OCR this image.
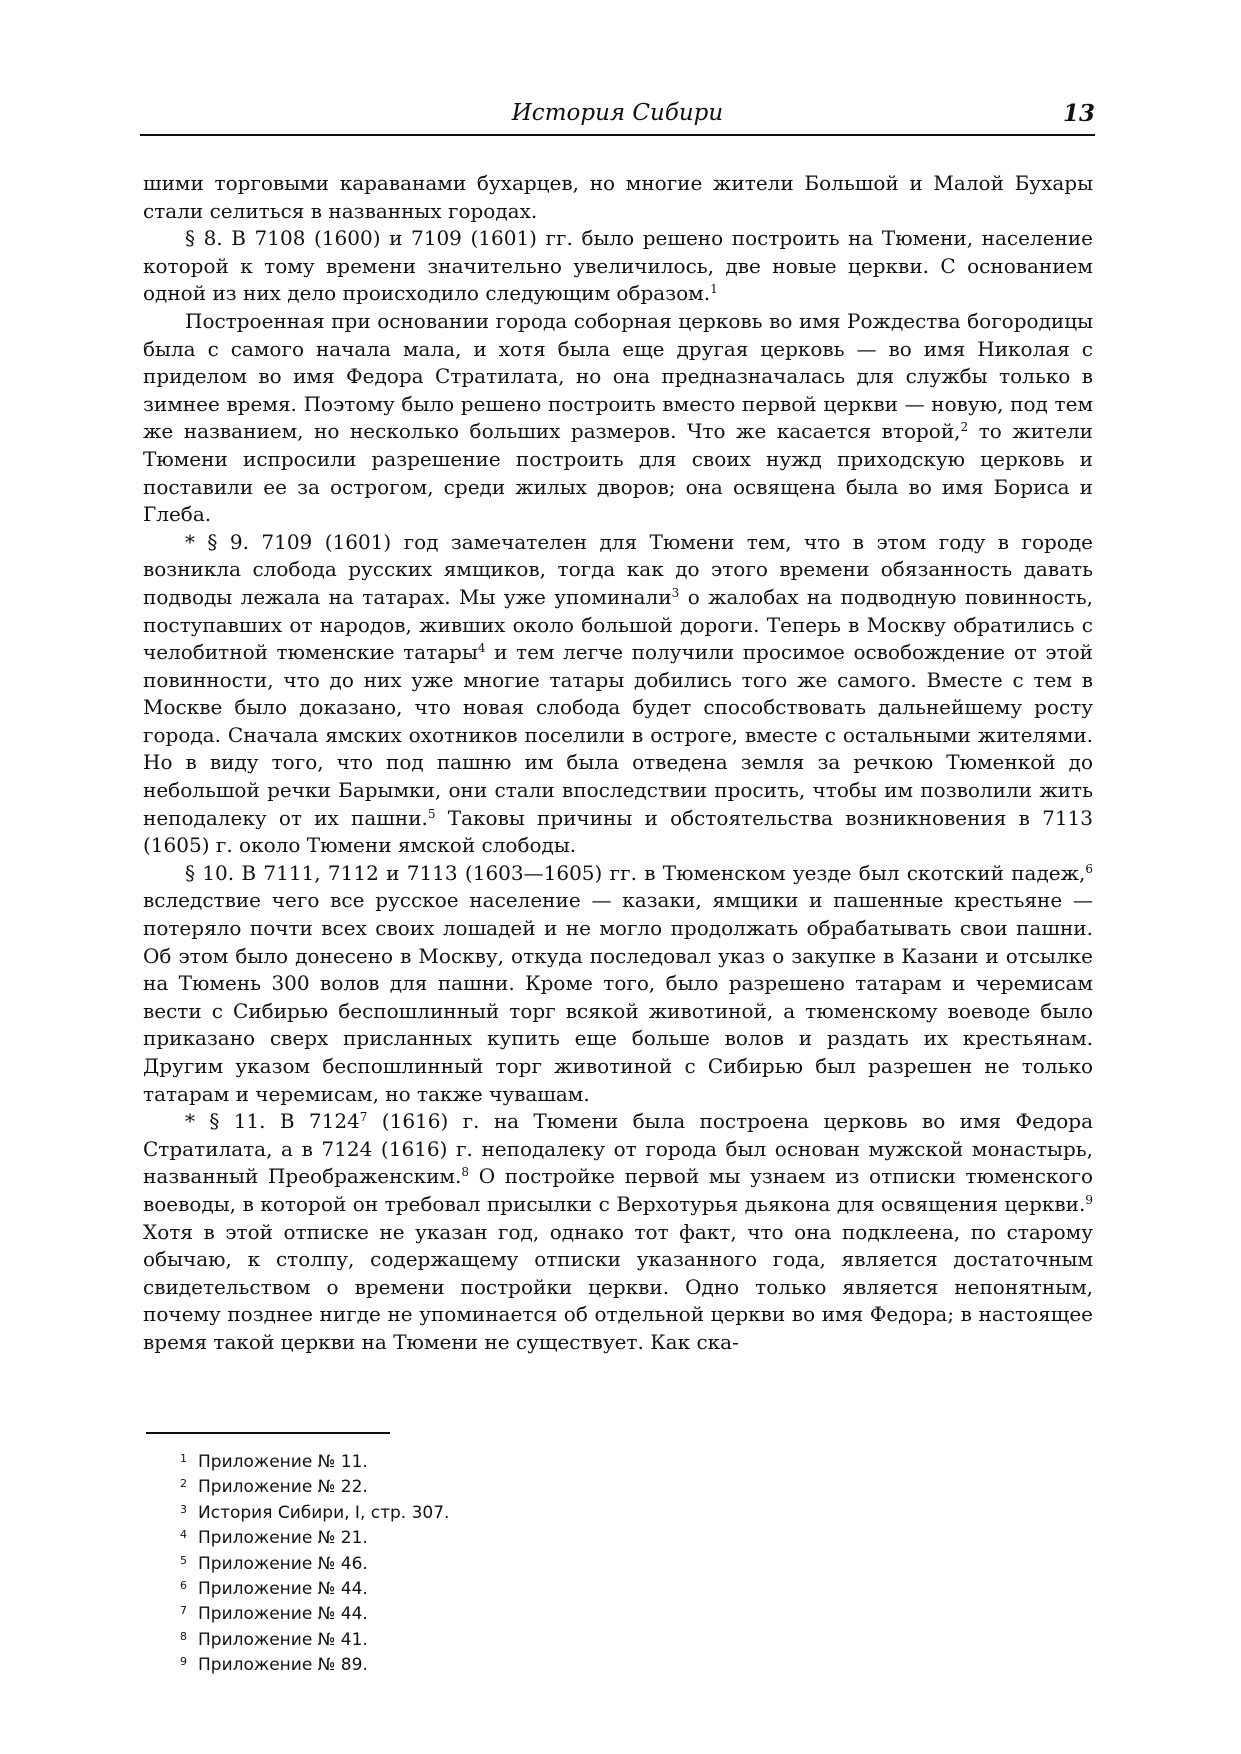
История Сибири	13

шими торговыми караванами бухарцев, но многие жители Большой и Малой Бухары стали селиться в названных городах.

§ 8. В 7108 (1600) и 7109 (1601) гг. было решено построить на Тюмени, население которой к тому времени значительно увеличилось, две новые церкви. С основанием одной из них дело происходило следующим образом.$^1$

Построенная при основании города соборная церковь во имя Рождества богородицы была с самого начала мала, и хотя была еще другая церковь — во имя Николая с приделом во имя Федора Стратилата, но она предназначалась для службы только в зимнее время. Поэтому было решено построить вместо первой церкви — новую, под тем же названием, но несколько больших размеров. Что же касается второй,$^2$ то жители Тюмени испросили разрешение построить для своих нужд приходскую церковь и поставили ее за острогом, среди жилых дворов; она освящена была во имя Бориса и Глеба.

* § 9. 7109 (1601) год замечателен для Тюмени тем, что в этом году в городе возникла слобода русских ямщиков, тогда как до этого времени обязанность давать подводы лежала на татарах. Мы уже упоминали$^3$ о жалобах на подводную повинность, поступавших от народов, живших около большой дороги. Теперь в Москву обратились с челобитной тюменские татары$^4$ и тем легче получили просимое освобождение от этой повинности, что до них уже многие татары добились того же самого. Вместе с тем в Москве было доказано, что новая слобода будет способствовать дальнейшему росту города. Сначала ямских охотников поселили в остроге, вместе с остальными жителями. Но в виду того, что под пашню им была отведена земля за речкою Тюменкой до небольшой речки Барымки, они стали впоследствии просить, чтобы им позволили жить неподалеку от их пашни.$^5$ Таковы причины и обстоятельства возникновения в 7113 (1605) г. около Тюмени ямской слободы.

§ 10. В 7111, 7112 и 7113 (1603—1605) гг. в Тюменском уезде был скотский падеж,$^6$ вследствие чего все русское население — казаки, ямщики и пашенные крестьяне — потеряло почти всех своих лошадей и не могло продолжать обрабатывать свои пашни. Об этом было донесено в Москву, откуда последовал указ о закупке в Казани и отсылке на Тюмень 300 волов для пашни. Кроме того, было разрешено татарам и черемисам вести с Сибирью беспошлинный торг всякой животиной, а тюменскому воеводе было приказано сверх присланных купить еще больше волов и раздать их крестьянам. Другим указом беспошлинный торг животиной с Сибирью был разрешен не только татарам и черемисам, но также чувашам.

* § 11. В 7124$^7$ (1616) г. на Тюмени была построена церковь во имя Федора Стратилата, а в 7124 (1616) г. неподалеку от города был основан мужской монастырь, названный Преображенским.$^8$ О постройке первой мы узнаем из отписки тюменского воеводы, в которой он требовал присылки с Верхотурья дьякона для освящения церкви.$^9$ Хотя в этой отписке не указан год, однако тот факт, что она подклеена, по старому обычаю, к столпу, содержащему отписки указанного года, является достаточным свидетельством о времени постройки церкви. Одно только является непонятным, почему позднее нигде не упоминается об отдельной церкви во имя Федора; в настоящее время такой церкви на Тюмени не существует. Как ска-

1 Приложение № 11.
2 Приложение № 22.
3 История Сибири, I, стр. 307.
4 Приложение № 21.
5 Приложение № 46.
6 Приложение № 44.
7 Приложение № 44.
8 Приложение № 41.
9 Приложение № 89.
